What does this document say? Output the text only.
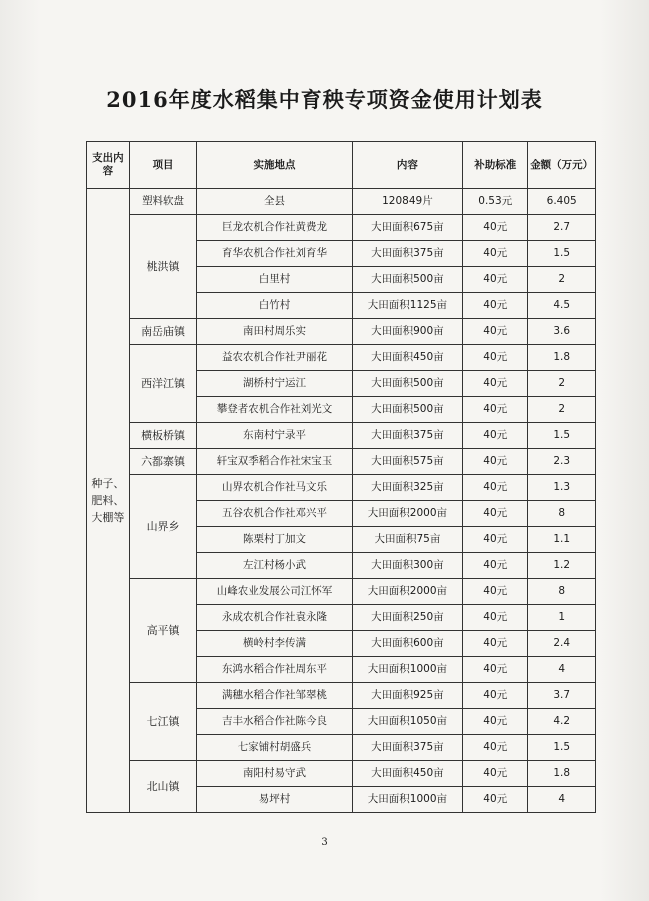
2016年度水稻集中育秧专项资金使用计划表
支出内容	项目	实施地点	内容	补助标准	金额（万元）
种子、肥料、大棚等	塑料软盘	全县	120849片	0.53元	6.405
	桃洪镇	巨龙农机合作社黄费龙	大田面积675亩	40元	2.7
		育华农机合作社刘育华	大田面积375亩	40元	1.5
		白里村	大田面积500亩	40元	2
		白竹村	大田面积1125亩	40元	4.5
	南岳庙镇	南田村周乐实	大田面积900亩	40元	3.6
	西洋江镇	益农农机合作社尹丽花	大田面积450亩	40元	1.8
		湖桥村宁运江	大田面积500亩	40元	2
		攀登者农机合作社刘光文	大田面积500亩	40元	2
	横板桥镇	东南村宁录平	大田面积375亩	40元	1.5
	六都寨镇	轩宝双季稻合作社宋宝玉	大田面积575亩	40元	2.3
	山界乡	山界农机合作社马文乐	大田面积325亩	40元	1.3
		五谷农机合作社邓兴平	大田面积2000亩	40元	8
		陈栗村丁加文	大田面积75亩	40元	1.1
		左江村杨小武	大田面积300亩	40元	1.2
	高平镇	山峰农业发展公司江怀军	大田面积2000亩	40元	8
		永成农机合作社袁永隆	大田面积250亩	40元	1
		横岭村李传满	大田面积600亩	40元	2.4
		东鸿水稻合作社周东平	大田面积1000亩	40元	4
	七江镇	满穗水稻合作社邹翠桃	大田面积925亩	40元	3.7
		吉丰水稻合作社陈今良	大田面积1050亩	40元	4.2
		七家铺村胡盛兵	大田面积375亩	40元	1.5
	北山镇	南阳村易守武	大田面积450亩	40元	1.8
		易坪村	大田面积1000亩	40元	4
3
